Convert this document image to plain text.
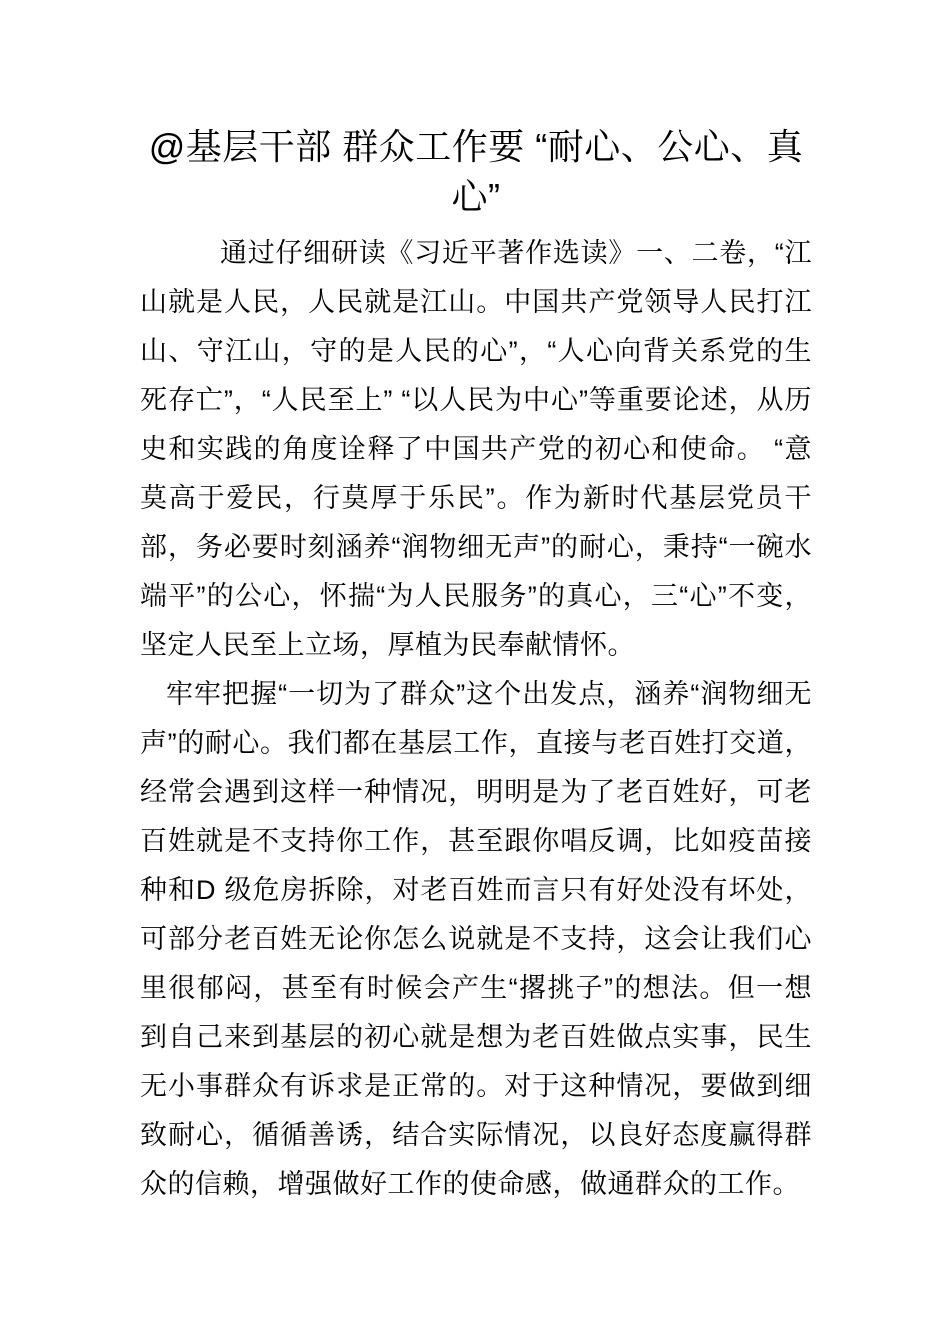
@基层干部 群众工作要 “耐心、公心、真心”

通过仔细研读《习近平著作选读》一、二卷，“江山就是人民，人民就是江山。中国共产党领导人民打江山、守江山，守的是人民的心”，“人心向背关系党的生死存亡”，“人民至上” “以人民为中心”等重要论述，从历史和实践的角度诠释了中国共产党的初心和使命。 “意莫高于爱民，行莫厚于乐民”。作为新时代基层党员干部，务必要时刻涵养“润物细无声”的耐心，秉持“一碗水端平”的公心，怀揣“为人民服务”的真心，三“心”不变，坚定人民至上立场，厚植为民奉献情怀。

牢牢把握“一切为了群众”这个出发点，涵养“润物细无声”的耐心。我们都在基层工作，直接与老百姓打交道，经常会遇到这样一种情况，明明是为了老百姓好，可老百姓就是不支持你工作，甚至跟你唱反调，比如疫苗接种和D 级危房拆除，对老百姓而言只有好处没有坏处，可部分老百姓无论你怎么说就是不支持，这会让我们心里很郁闷，甚至有时候会产生“撂挑子”的想法。但一想到自己来到基层的初心就是想为老百姓做点实事，民生无小事群众有诉求是正常的。对于这种情况，要做到细致耐心，循循善诱，结合实际情况，以良好态度赢得群众的信赖，增强做好工作的使命感，做通群众的工作。
